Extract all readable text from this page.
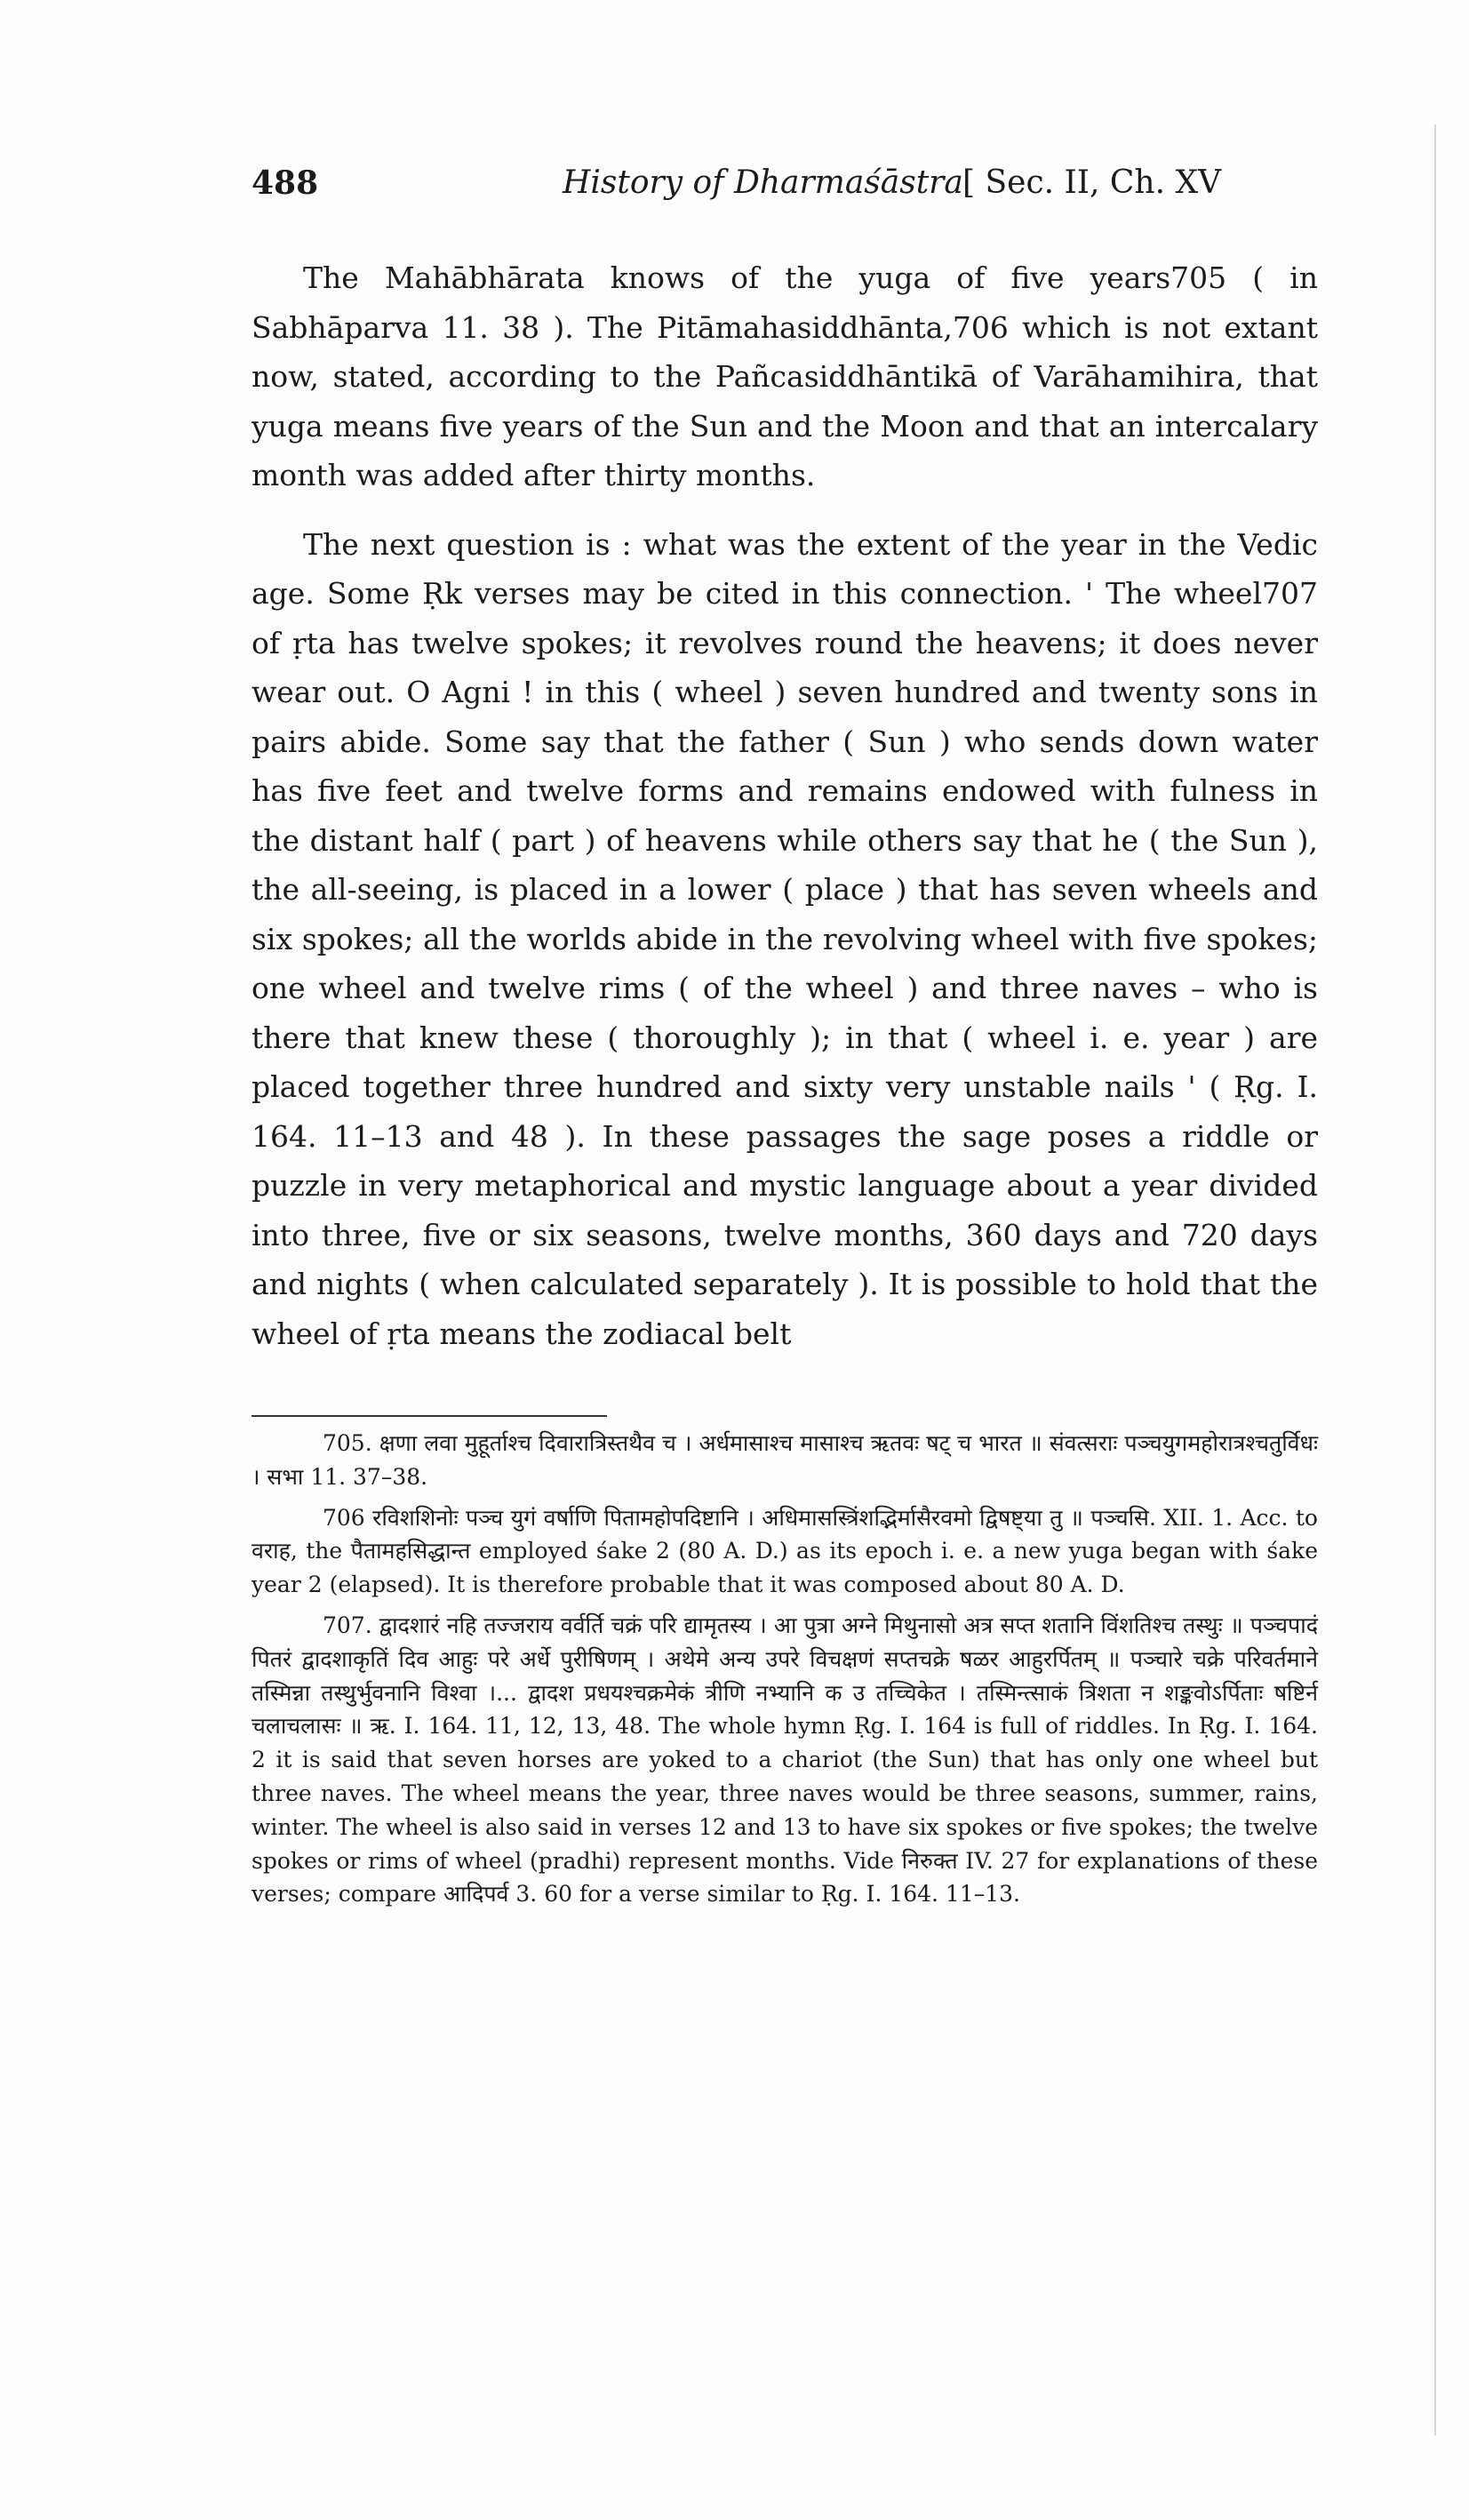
488	History of Dharmaśāstra [ Sec. II, Ch. XV

The Mahābhārata knows of the yuga of five years705 ( in Sabhāparva 11. 38 ). The Pitāmahasiddhānta,706 which is not extant now, stated, according to the Pañcasiddhāntikā of Varāhamihira, that yuga means five years of the Sun and the Moon and that an intercalary month was added after thirty months.

The next question is : what was the extent of the year in the Vedic age. Some Ṛk verses may be cited in this connection. ' The wheel707 of ṛta has twelve spokes; it revolves round the heavens; it does never wear out. O Agni ! in this ( wheel ) seven hundred and twenty sons in pairs abide. Some say that the father ( Sun ) who sends down water has five feet and twelve forms and remains endowed with fulness in the distant half ( part ) of heavens while others say that he ( the Sun ), the all-seeing, is placed in a lower ( place ) that has seven wheels and six spokes; all the worlds abide in the revolving wheel with five spokes; one wheel and twelve rims ( of the wheel ) and three naves – who is there that knew these ( thoroughly ); in that ( wheel i. e. year ) are placed together three hundred and sixty very unstable nails ' ( Ṛg. I. 164. 11–13 and 48 ). In these passages the sage poses a riddle or puzzle in very metaphorical and mystic language about a year divided into three, five or six seasons, twelve months, 360 days and 720 days and nights ( when calculated separately ). It is possible to hold that the wheel of ṛta means the zodiacal belt

705. क्षणा लवा मुहूर्ताश्च दिवारात्रिस्तथैव च । अर्धमासाश्च मासाश्च ऋतवः षट् च भारत ॥ संवत्सराः पञ्चयुगमहोरात्रश्चतुर्विधः । सभा 11. 37–38.

706 रविशशिनोः पञ्च युगं वर्षाणि पितामहोपदिष्टानि । अधिमासस्त्रिंशद्भिर्मासैरवमो द्विषष्ट्या तु ॥ पञ्चसि. XII. 1. Acc. to वराह, the पैतामहसिद्धान्त employed śake 2 (80 A. D.) as its epoch i. e. a new yuga began with śake year 2 (elapsed). It is therefore probable that it was composed about 80 A. D.

707. द्वादशारं नहि तज्जराय वर्वर्ति चक्रं परि द्यामृतस्य । आ पुत्रा अग्ने मिथुनासो अत्र सप्त शतानि विंशतिश्च तस्थुः ॥ पञ्चपादं पितरं द्वादशाकृतिं दिव आहुः परे अर्धे पुरीषिणम् । अथेमे अन्य उपरे विचक्षणं सप्तचक्रे षळर आहुरर्पितम् ॥ पञ्चारे चक्रे परिवर्तमाने तस्मिन्ना तस्थुर्भुवनानि विश्वा ।... द्वादश प्रधयश्चक्रमेकं त्रीणि नभ्यानि क उ तच्चिकेत । तस्मिन्त्साकं त्रिशता न शङ्कवोऽर्पिताः षष्टिर्न चलाचलासः ॥ ऋ. I. 164. 11, 12, 13, 48. The whole hymn Ṛg. I. 164 is full of riddles. In Ṛg. I. 164. 2 it is said that seven horses are yoked to a chariot (the Sun) that has only one wheel but three naves. The wheel means the year, three naves would be three seasons, summer, rains, winter. The wheel is also said in verses 12 and 13 to have six spokes or five spokes; the twelve spokes or rims of wheel (pradhi) represent months. Vide निरुक्त IV. 27 for explanations of these verses; compare आदिपर्व 3. 60 for a verse similar to Ṛg. I. 164. 11–13.
